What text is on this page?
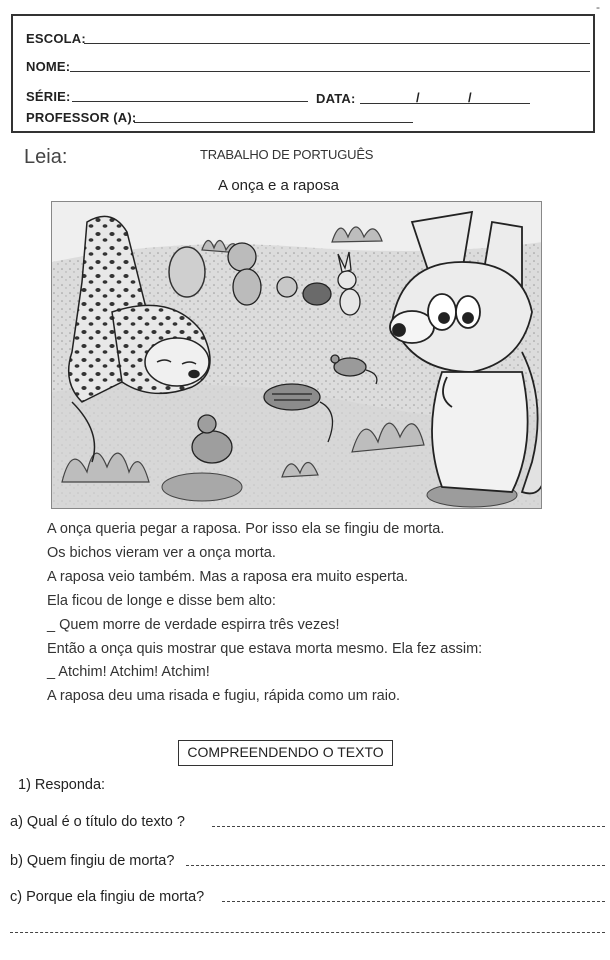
-
ESCOLA:
NOME:
SÉRIE:	DATA:	/	/
PROFESSOR (A):
Leia:	TRABALHO DE PORTUGUÊS
A onça e a raposa
A onça queria pegar a raposa. Por isso ela se fingiu de morta.
Os bichos vieram ver a onça morta.
A raposa veio também. Mas a raposa era muito esperta.
Ela ficou de longe e disse bem alto:
_ Quem morre de verdade espirra três vezes!
Então a onça quis mostrar que estava morta mesmo. Ela fez assim:
_ Atchim! Atchim! Atchim!
A raposa deu uma risada e fugiu, rápida como um raio.
COMPREENDENDO O TEXTO
1) Responda:
a) Qual é o título do texto ?
b) Quem fingiu de morta?
c) Porque ela fingiu de morta?
